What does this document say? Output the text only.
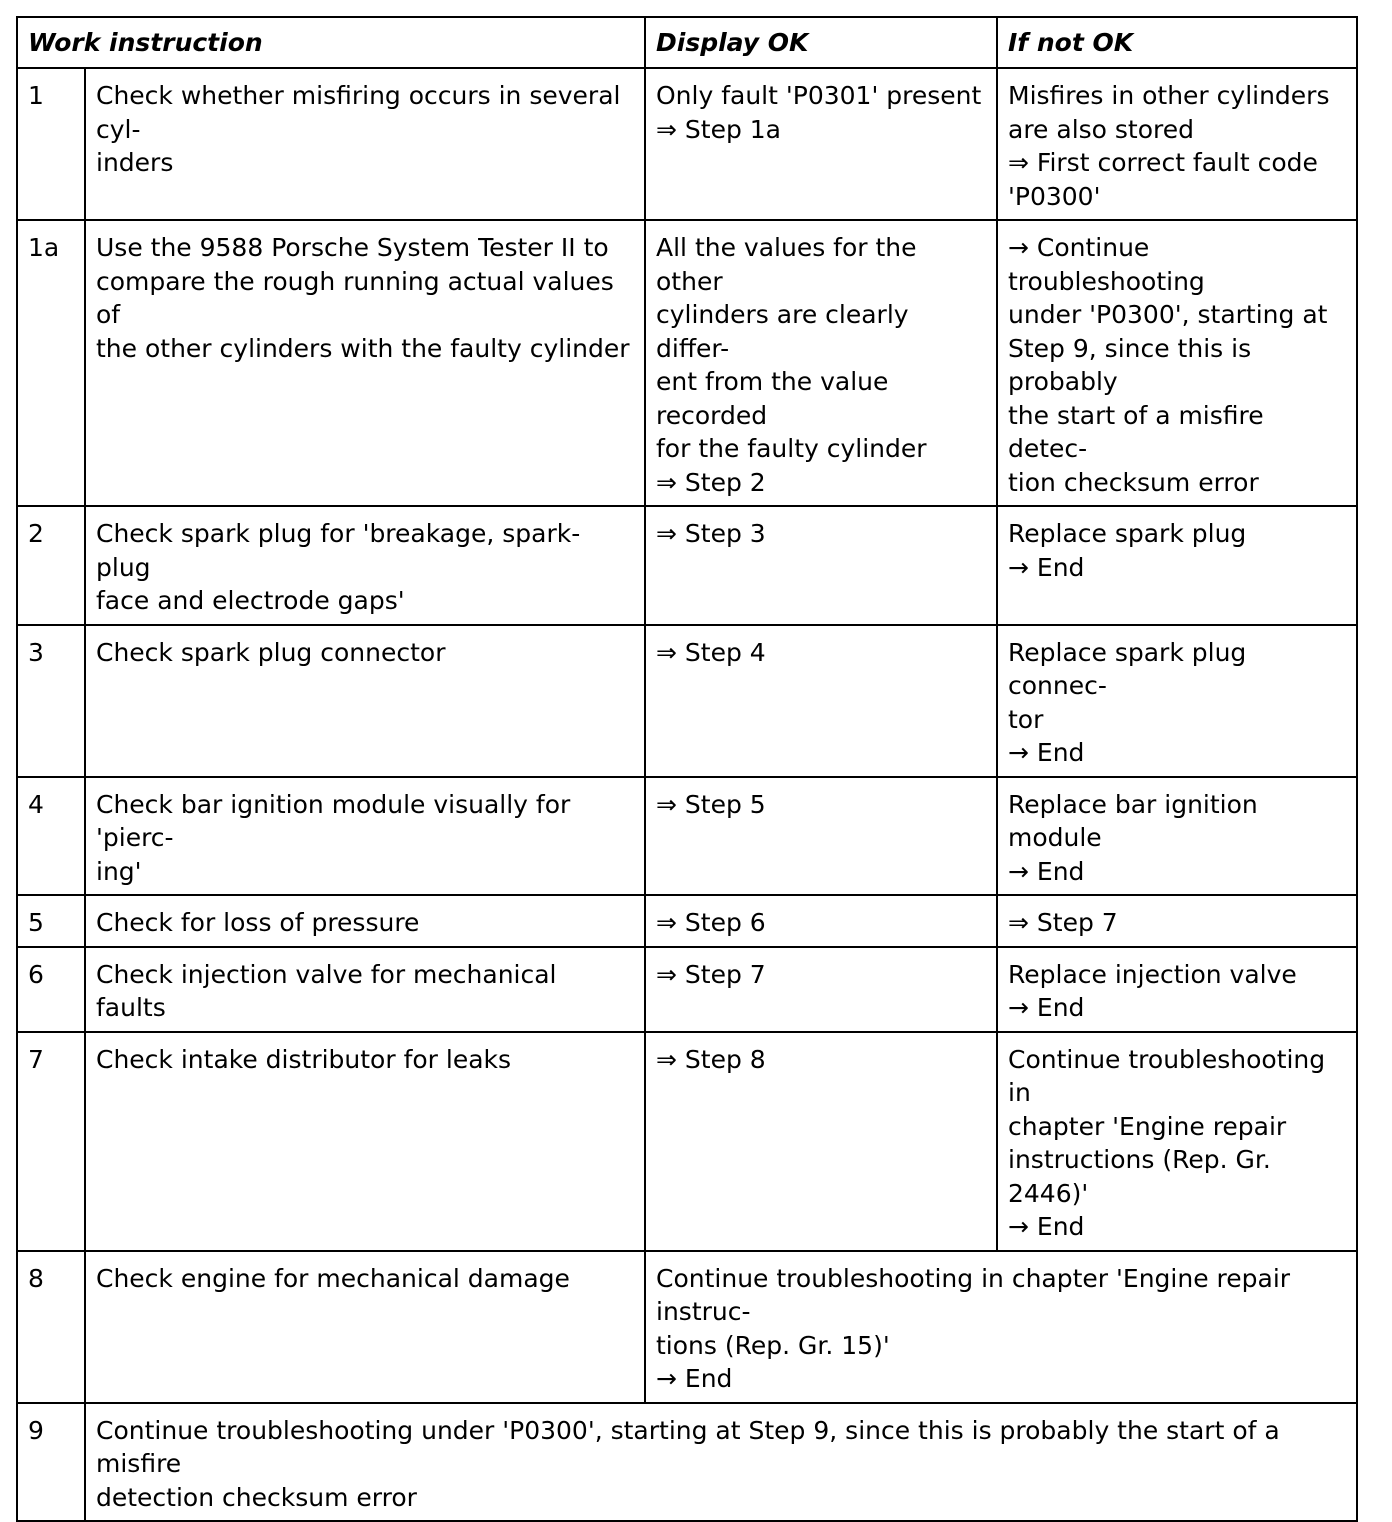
Work instruction		Display OK	If not OK
1	Check whether misfiring occurs in several cyl-
inders	Only fault 'P0301' present
⇒ Step 1a	Misfires in other cylinders
are also stored
⇒ First correct fault code
'P0300'

1a	Use the 9588 Porsche System Tester II to
compare the rough running actual values of
the other cylinders with the faulty cylinder	All the values for the other
cylinders are clearly differ-
ent from the value recorded
for the faulty cylinder
⇒ Step 2	→ Continue troubleshooting
under 'P0300', starting at
Step 9, since this is probably
the start of a misfire detec-
tion checksum error

2	Check spark plug for 'breakage, spark-plug
face and electrode gaps'	⇒ Step 3	Replace spark plug
→ End

3	Check spark plug connector	⇒ Step 4	Replace spark plug connec-
tor
→ End

4	Check bar ignition module visually for 'pierc-
ing'	⇒ Step 5	Replace bar ignition module
→ End

5	Check for loss of pressure	⇒ Step 6	⇒ Step 7

6	Check injection valve for mechanical faults	⇒ Step 7	Replace injection valve
→ End

7	Check intake distributor for leaks	⇒ Step 8	Continue troubleshooting in
chapter 'Engine repair
instructions (Rep. Gr. 2446)'
→ End

8	Check engine for mechanical damage	Continue troubleshooting in chapter 'Engine repair instruc-
tions (Rep. Gr. 15)'
→ End	

9	Continue troubleshooting under 'P0300', starting at Step 9, since this is probably the start of a misfire
detection checksum error		
